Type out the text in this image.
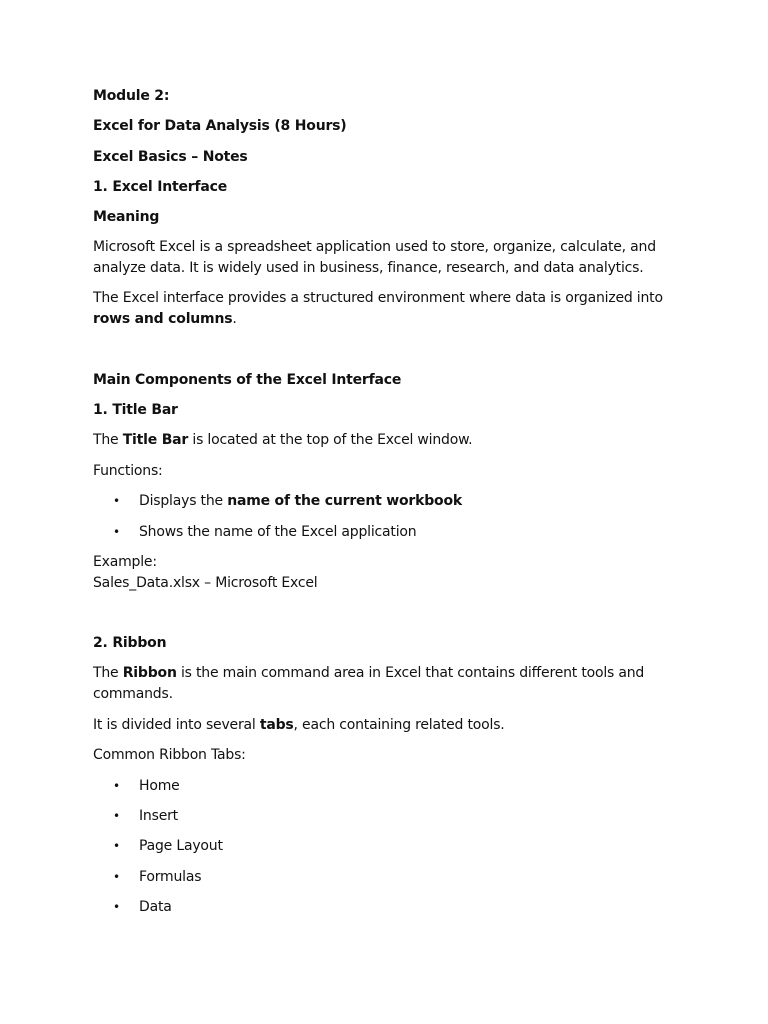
Module 2:

Excel for Data Analysis (8 Hours)

Excel Basics – Notes

1. Excel Interface

Meaning

Microsoft Excel is a spreadsheet application used to store, organize, calculate, and
analyze data. It is widely used in business, finance, research, and data analytics.

The Excel interface provides a structured environment where data is organized into
rows and columns.

Main Components of the Excel Interface

1. Title Bar

The Title Bar is located at the top of the Excel window.

Functions:

• Displays the name of the current workbook
• Shows the name of the Excel application

Example:
Sales_Data.xlsx – Microsoft Excel

2. Ribbon

The Ribbon is the main command area in Excel that contains different tools and
commands.

It is divided into several tabs, each containing related tools.

Common Ribbon Tabs:

• Home
• Insert
• Page Layout
• Formulas
• Data
